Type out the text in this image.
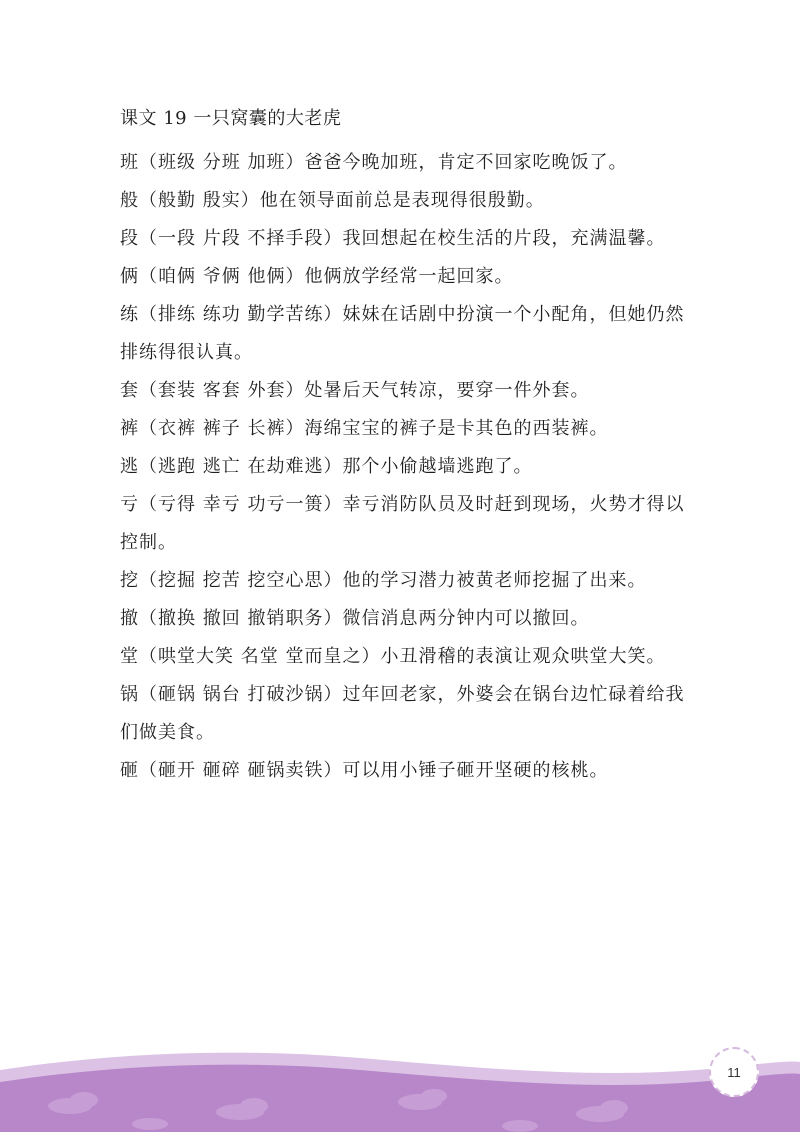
课文 19 一只窝囊的大老虎

班（班级 分班 加班）爸爸今晚加班，肯定不回家吃晚饭了。

般（般勤 殷实）他在领导面前总是表现得很殷勤。

段（一段 片段 不择手段）我回想起在校生活的片段，充满温馨。

俩（咱俩 爷俩 他俩）他俩放学经常一起回家。

练（排练 练功 勤学苦练）妹妹在话剧中扮演一个小配角，但她仍然排练得很认真。

套（套装 客套 外套）处暑后天气转凉，要穿一件外套。

裤（衣裤 裤子 长裤）海绵宝宝的裤子是卡其色的西装裤。

逃（逃跑 逃亡 在劫难逃）那个小偷越墙逃跑了。

亏（亏得 幸亏 功亏一篑）幸亏消防队员及时赶到现场，火势才得以控制。

挖（挖掘 挖苦 挖空心思）他的学习潜力被黄老师挖掘了出来。

撤（撤换 撤回 撤销职务）微信消息两分钟内可以撤回。

堂（哄堂大笑 名堂 堂而皇之）小丑滑稽的表演让观众哄堂大笑。

锅（砸锅 锅台 打破沙锅）过年回老家，外婆会在锅台边忙碌着给我们做美食。

砸（砸开 砸碎 砸锅卖铁）可以用小锤子砸开坚硬的核桃。

11
